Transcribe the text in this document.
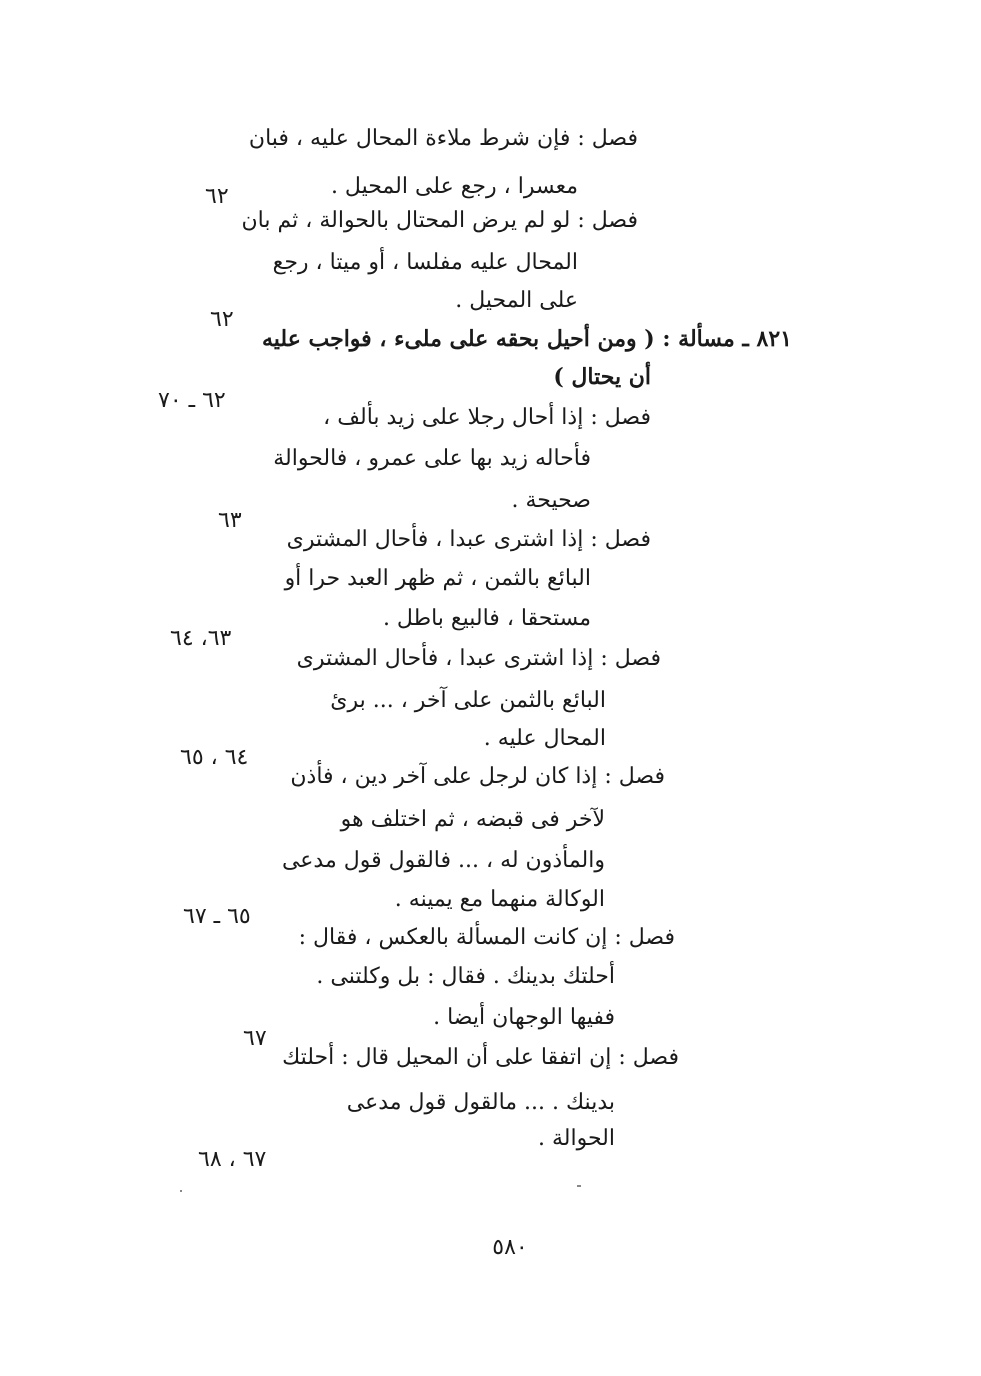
فصل : فإن شرط ملاءة المحال عليه ، فبان
معسرا ، رجع على المحيل .
فصل : لو لم يرض المحتال بالحوالة ، ثم بان
المحال عليه مفلسا ، أو ميتا ، رجع
على المحيل .
٨٢١ ـ مسألة : ( ومن أحيل بحقه على ملىء ، فواجب عليه
أن يحتال )
فصل : إذا أحال رجلا على زيد بألف ،
فأحاله زيد بها على عمرو ، فالحوالة
صحيحة .
فصل : إذا اشترى عبدا ، فأحال المشترى
البائع بالثمن ، ثم ظهر العبد حرا أو
مستحقا ، فالبيع باطل .
فصل : إذا اشترى عبدا ، فأحال المشترى
البائع بالثمن على آخر ، ... برئ
المحال عليه .
فصل : إذا كان لرجل على آخر دين ، فأذن
لآخر فى قبضه ، ثم اختلف هو
والمأذون له ، ... فالقول قول مدعى
الوكالة منهما مع يمينه .
فصل : إن كانت المسألة بالعكس ، فقال :
أحلتك بدينك . فقال : بل وكلتنى .
ففيها الوجهان أيضا .
فصل : إن اتفقا على أن المحيل قال : أحلتك
بدينك . ... مالقول قول مدعى
الحوالة .
٦٢
٦٢
٦٢ ـ ٧٠
٦٣
٦٣، ٦٤
٦٤ ، ٦٥
٦٥ ـ ٦٧
٦٧
٦٧ ، ٦٨
٥٨٠
